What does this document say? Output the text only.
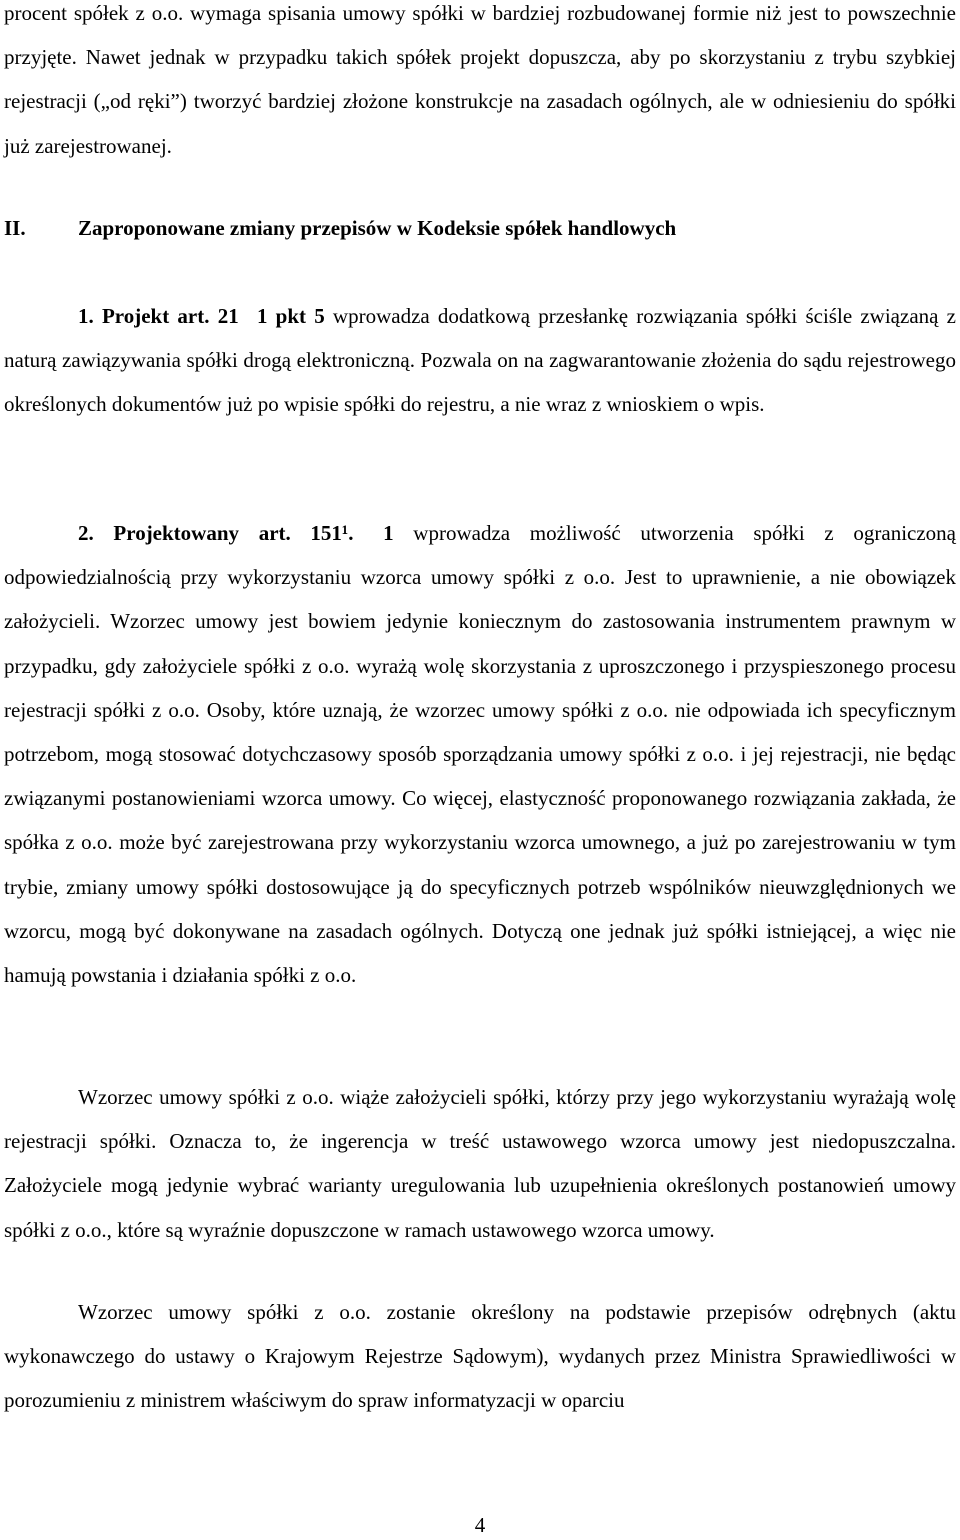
procent spółek z o.o. wymaga spisania umowy spółki w bardziej rozbudowanej formie niż jest to powszechnie przyjęte. Nawet jednak w przypadku takich spółek projekt dopuszcza, aby po skorzystaniu z trybu szybkiej rejestracji („od ręki”) tworzyć bardziej złożone konstrukcje na zasadach ogólnych, ale w odniesieniu do spółki już zarejestrowanej.

II. Zaproponowane zmiany przepisów w Kodeksie spółek handlowych

1. Projekt art. 21 1 pkt 5 wprowadza dodatkową przesłankę rozwiązania spółki ściśle związaną z naturą zawiązywania spółki drogą elektroniczną. Pozwala on na zagwarantowanie złożenia do sądu rejestrowego określonych dokumentów już po wpisie spółki do rejestru, a nie wraz z wnioskiem o wpis.

2. Projektowany art. 151¹. 1 wprowadza możliwość utworzenia spółki z ograniczoną odpowiedzialnością przy wykorzystaniu wzorca umowy spółki z o.o. Jest to uprawnienie, a nie obowiązek założycieli. Wzorzec umowy jest bowiem jedynie koniecznym do zastosowania instrumentem prawnym w przypadku, gdy założyciele spółki z o.o. wyrażą wolę skorzystania z uproszczonego i przyspieszonego procesu rejestracji spółki z o.o. Osoby, które uznają, że wzorzec umowy spółki z o.o. nie odpowiada ich specyficznym potrzebom, mogą stosować dotychczasowy sposób sporządzania umowy spółki z o.o. i jej rejestracji, nie będąc związanymi postanowieniami wzorca umowy. Co więcej, elastyczność proponowanego rozwiązania zakłada, że spółka z o.o. może być zarejestrowana przy wykorzystaniu wzorca umownego, a już po zarejestrowaniu w tym trybie, zmiany umowy spółki dostosowujące ją do specyficznych potrzeb wspólników nieuwzględnionych we wzorcu, mogą być dokonywane na zasadach ogólnych. Dotyczą one jednak już spółki istniejącej, a więc nie hamują powstania i działania spółki z o.o.

Wzorzec umowy spółki z o.o. wiąże założycieli spółki, którzy przy jego wykorzystaniu wyrażają wolę rejestracji spółki. Oznacza to, że ingerencja w treść ustawowego wzorca umowy jest niedopuszczalna. Założyciele mogą jedynie wybrać warianty uregulowania lub uzupełnienia określonych postanowień umowy spółki z o.o., które są wyraźnie dopuszczone w ramach ustawowego wzorca umowy.

Wzorzec umowy spółki z o.o. zostanie określony na podstawie przepisów odrębnych (aktu wykonawczego do ustawy o Krajowym Rejestrze Sądowym), wydanych przez Ministra Sprawiedliwości w porozumieniu z ministrem właściwym do spraw informatyzacji w oparciu

4
